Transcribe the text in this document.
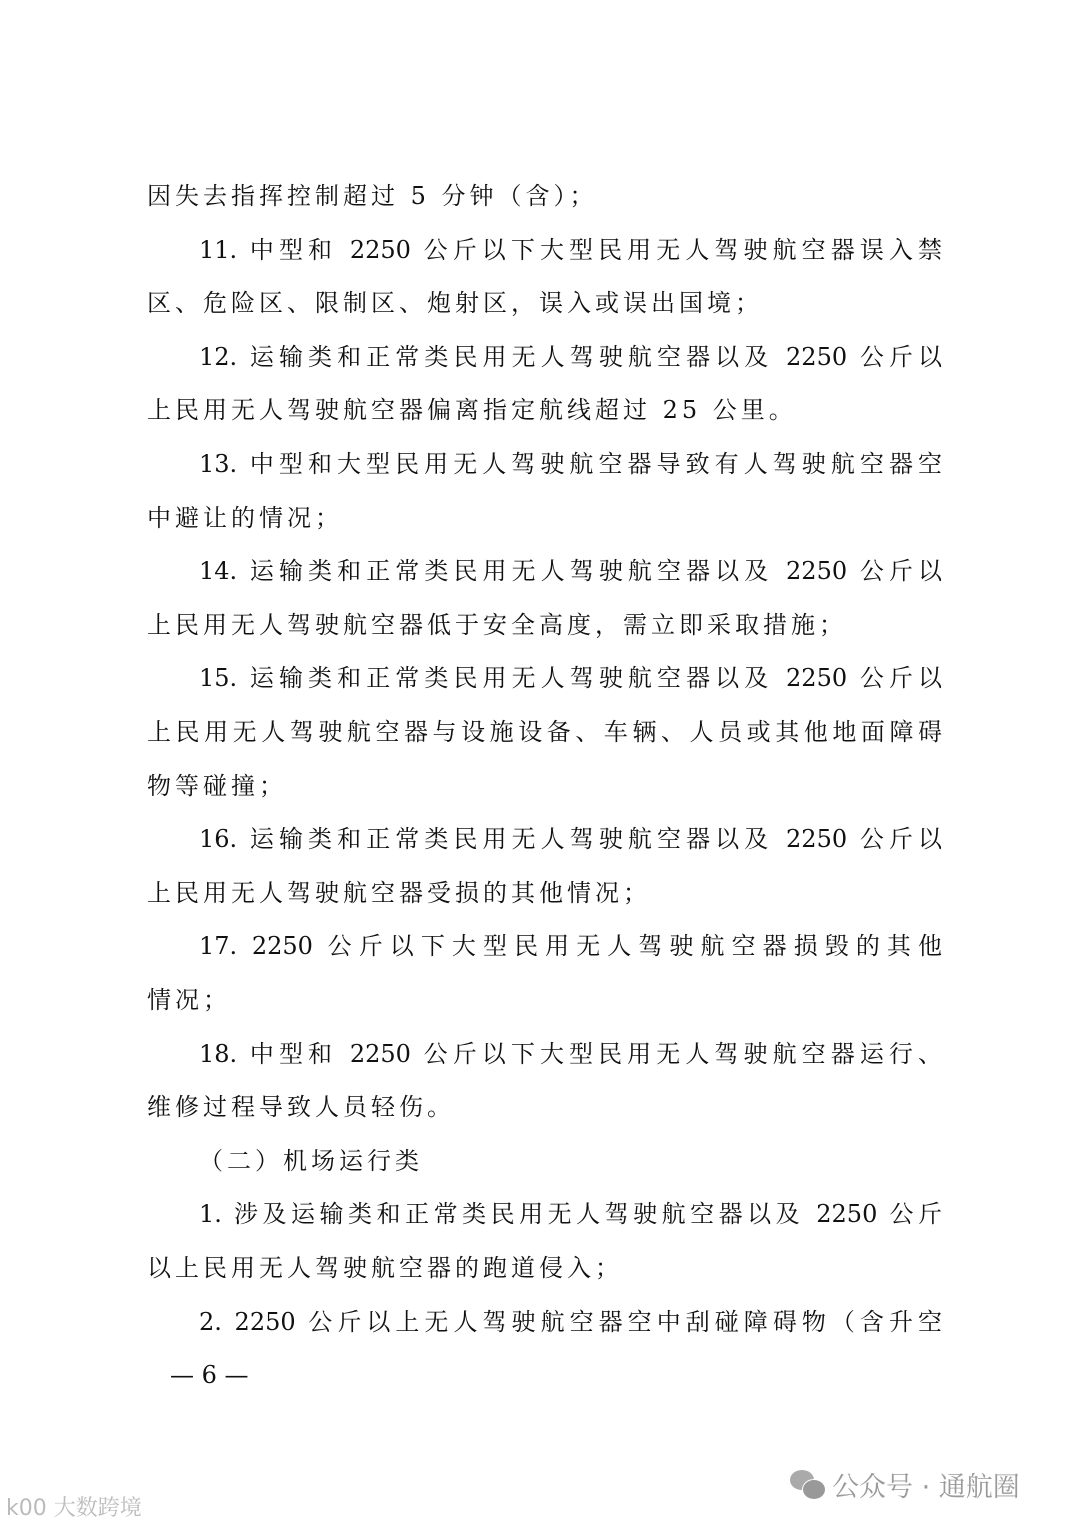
因失去指挥控制超过 5 分钟（含）；
11. 中型和 2250 公斤以下大型民用无人驾驶航空器误入禁
区、危险区、限制区、炮射区，误入或误出国境；
12. 运输类和正常类民用无人驾驶航空器以及 2250 公斤以
上民用无人驾驶航空器偏离指定航线超过 25 公里。
13. 中型和大型民用无人驾驶航空器导致有人驾驶航空器空
中避让的情况；
14. 运输类和正常类民用无人驾驶航空器以及 2250 公斤以
上民用无人驾驶航空器低于安全高度，需立即采取措施；
15. 运输类和正常类民用无人驾驶航空器以及 2250 公斤以
上民用无人驾驶航空器与设施设备、车辆、人员或其他地面障碍
物等碰撞；
16. 运输类和正常类民用无人驾驶航空器以及 2250 公斤以
上民用无人驾驶航空器受损的其他情况；
17. 2250 公斤以下大型民用无人驾驶航空器损毁的其他
情况；
18. 中型和 2250 公斤以下大型民用无人驾驶航空器运行、
维修过程导致人员轻伤。
（二）机场运行类
1. 涉及运输类和正常类民用无人驾驶航空器以及 2250 公斤
以上民用无人驾驶航空器的跑道侵入；
2. 2250 公斤以上无人驾驶航空器空中刮碰障碍物（含升空
— 6 —
k00 大数跨境
公众号 · 通航圈
